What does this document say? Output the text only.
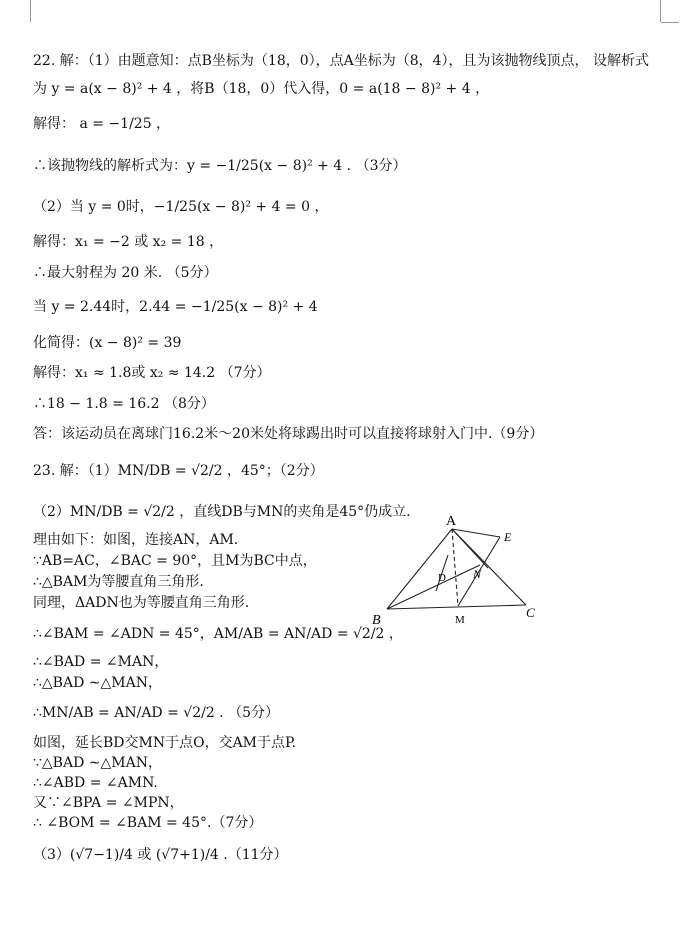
22. 解：（1）由题意知：点B坐标为（18，0），点A坐标为（8，4），且为该抛物线顶点， 设解析式
为 y = a(x − 8)² + 4 ，将B（18，0）代入得，0 = a(18 − 8)² + 4 ，
解得： a = −1/25 ，
∴该抛物线的解析式为：y = −1/25(x − 8)² + 4 . （3分）
（2）当 y = 0时，−1/25(x − 8)² + 4 = 0 ，
解得：x₁ = −2 或 x₂ = 18 ，
∴最大射程为 20 米. （5分）
当 y = 2.44时，2.44 = −1/25(x − 8)² + 4
化简得：(x − 8)² = 39
解得：x₁ ≈ 1.8或 x₂ ≈ 14.2 （7分）
∴18 − 1.8 = 16.2 （8分）
答：该运动员在离球门16.2米～20米处将球踢出时可以直接将球射入门中.（9分）
23. 解：（1）MN/DB = √2/2 ，45°；（2分）
（2）MN/DB = √2/2 ，直线DB与MN的夹角是45°仍成立.
理由如下：如图，连接AN，AM.
∵AB=AC，∠BAC = 90°，且M为BC中点，
∴△BAM为等腰直角三角形.
同理，ΔADN也为等腰直角三角形.
∴∠BAM = ∠ADN = 45°，AM/AB = AN/AD = √2/2 ，
∴∠BAD = ∠MAN，
∴△BAD ∼△MAN，
∴MN/AB = AN/AD = √2/2 . （5分）
如图，延长BD交MN于点O，交AM于点P.
∵△BAD ∼△MAN，
∴∠ABD = ∠AMN.
又∵∠BPA = ∠MPN，
∴ ∠BOM = ∠BAM = 45°.（7分）
（3）(√7−1)/4 或 (√7+1)/4 .（11分）
A
E
D N
B	M	C
